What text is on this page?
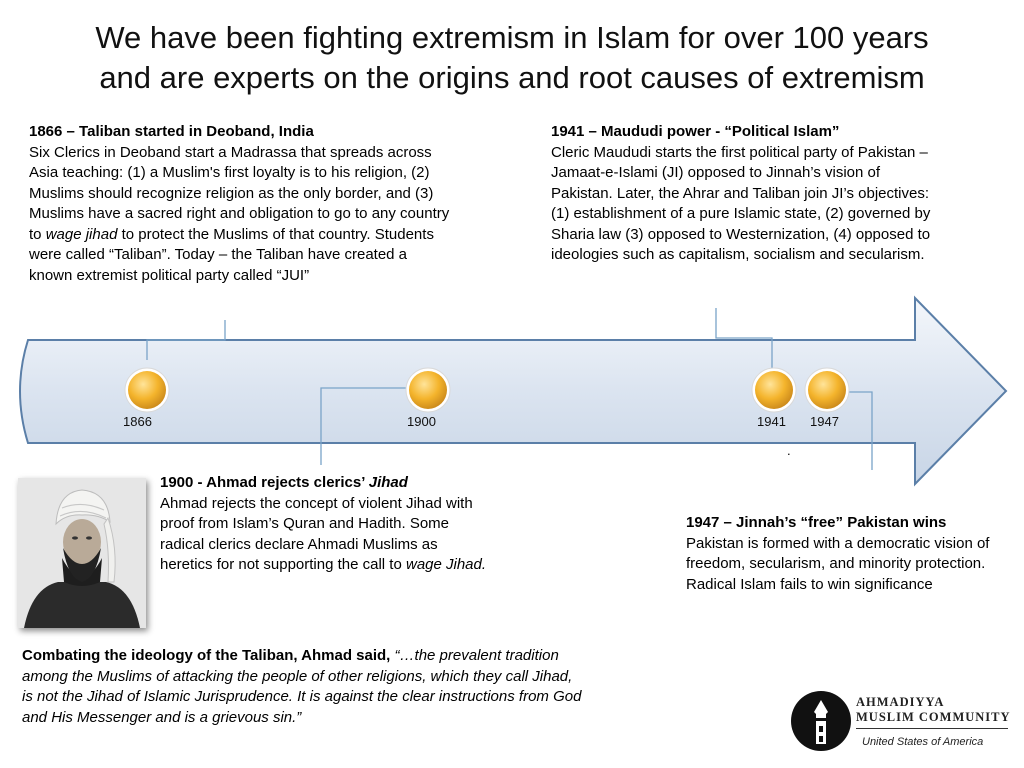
We have been fighting extremism in Islam for over 100 years
and are experts on the origins and root causes of extremism
1866	1900	1941 1947
.
1866 – Taliban started in Deoband, India
Six Clerics in Deoband start a Madrassa that spreads across Asia teaching: (1) a Muslim's first loyalty is to his religion, (2) Muslims should recognize religion as the only border, and (3) Muslims have a sacred right and obligation to go to any country to wage jihad to protect the Muslims of that country. Students were called “Taliban”. Today – the Taliban have created a known extremist political party called “JUI”
1941 – Maududi power - “Political Islam”
Cleric Maududi starts the first political party of Pakistan – Jamaat-e-Islami (JI) opposed to Jinnah’s vision of Pakistan. Later, the Ahrar and Taliban join JI’s objectives: (1) establishment of a pure Islamic state, (2) governed by Sharia law (3) opposed to Westernization, (4) opposed to ideologies such as capitalism, socialism and secularism.
1900 - Ahmad rejects clerics’ Jihad
Ahmad rejects the concept of violent Jihad with proof from Islam’s Quran and Hadith. Some radical clerics declare Ahmadi Muslims as heretics for not supporting the call to wage Jihad.
1947 – Jinnah’s “free” Pakistan wins
Pakistan is formed with a democratic vision of freedom, secularism, and minority protection. Radical Islam fails to win significance
Combating the ideology of the Taliban, Ahmad said, “…the prevalent tradition among the Muslims of attacking the people of other religions, which they call Jihad, is not the Jihad of Islamic Jurisprudence. It is against the clear instructions from God and His Messenger and is a grievous sin.”
AHMADIYYA
MUSLIM COMMUNITY
United States of America
